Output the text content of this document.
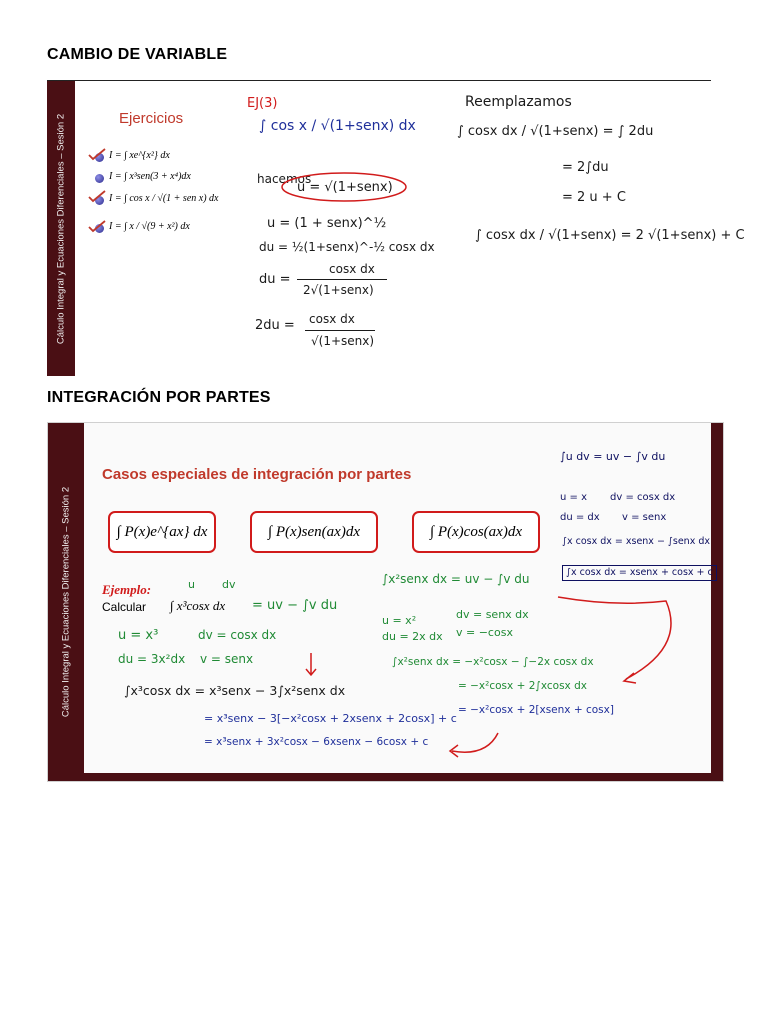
CAMBIO DE VARIABLE
Cálculo Integral y Ecuaciones Diferenciales – Sesión 2	Ejercicios
I = ∫ xe^{x²} dx
I = ∫ x³sen(3 + x⁴)dx
I = ∫ cos x / √(1 + sen x) dx
I = ∫ x / √(9 + x²) dx
EJ(3)
∫ cos x / √(1+senx) dx
hacemos
u = √(1+senx)
u = (1 + senx)^½
du = ½(1+senx)^-½ cosx dx
du =
cosx dx
2√(1+senx)
2du = cosx dx
√(1+senx)
Reemplazamos
∫ cosx dx / √(1+senx) = ∫ 2du
= 2∫du
= 2 u + C
∫ cosx dx / √(1+senx) = 2 √(1+senx) + C
INTEGRACIÓN POR PARTES
Cálculo Integral y Ecuaciones Diferenciales – Sesión 2
Casos especiales de integración por partes
∫ P(x)e^{ax} dx	∫ P(x)sen(ax)dx	∫ P(x)cos(ax)dx
∫u dv = uv − ∫v du
u = x dv = cosx dx
du = dx v = senx
∫x cosx dx = xsenx − ∫senx dx
∫x cosx dx = xsenx + cosx + c
Ejemplo:
Calcular
u dv
∫ x³cosx dx = uv − ∫v du
u = x³	dv = cosx dx
du = 3x²dx v = senx
∫x³cosx dx = x³senx − 3∫x²senx dx
= x³senx − 3[−x²cosx + 2xsenx + 2cosx] + c
= x³senx + 3x²cosx − 6xsenx − 6cosx + c
∫x²senx dx = uv − ∫v du
u = x²	dv = senx dx
du = 2x dx v = −cosx
∫x²senx dx = −x²cosx − ∫−2x cosx dx
= −x²cosx + 2∫xcosx dx
= −x²cosx + 2[xsenx + cosx]
